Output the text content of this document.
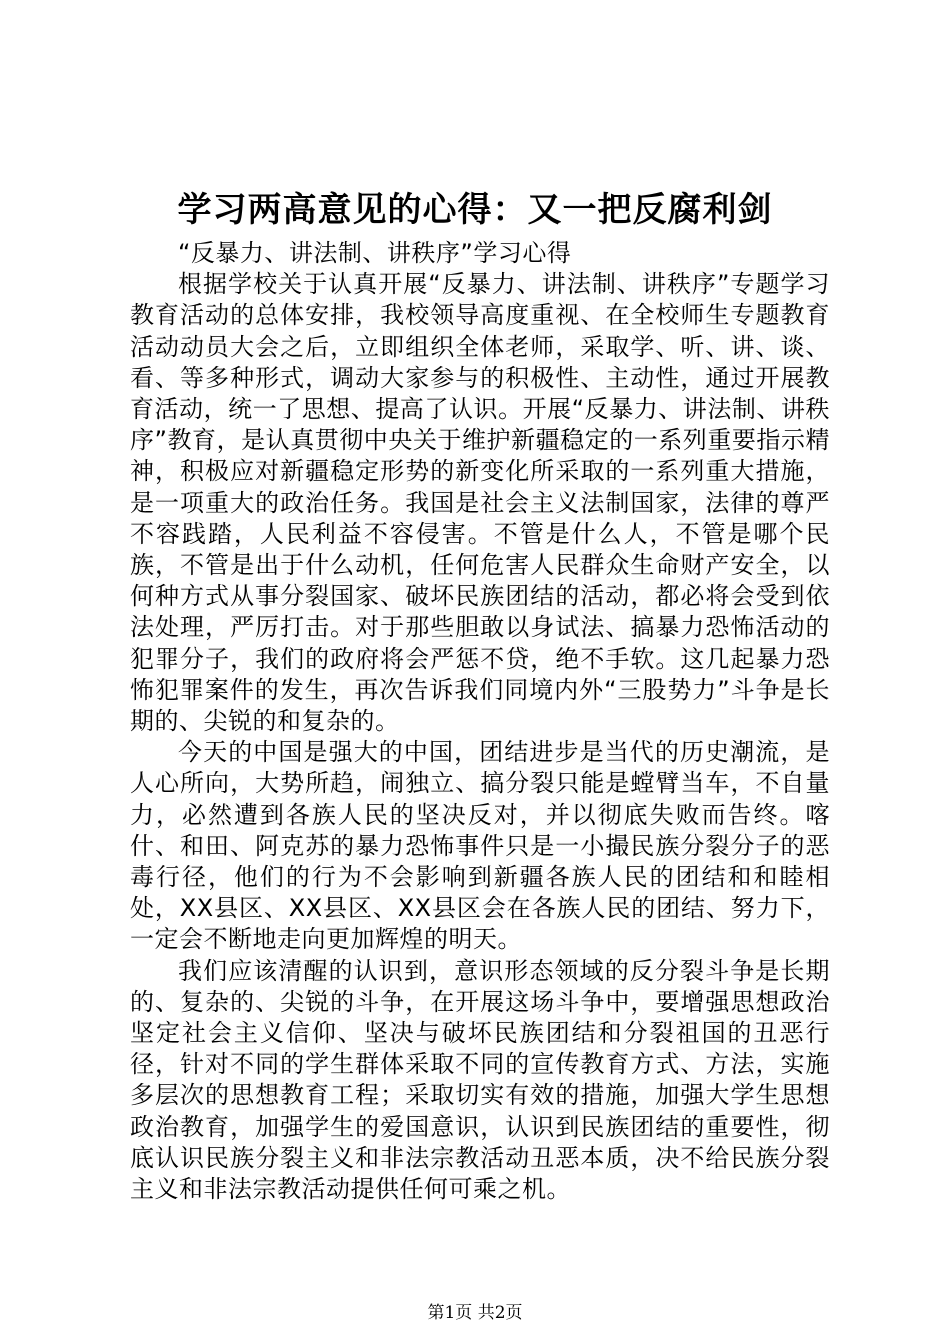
学习两高意见的心得：又一把反腐利剑

“反暴力、讲法制、讲秩序”学习心得

根据学校关于认真开展“反暴力、讲法制、讲秩序”专题学习教育活动的总体安排，我校领导高度重视、在全校师生专题教育活动动员大会之后，立即组织全体老师，采取学、听、讲、谈、看、等多种形式，调动大家参与的积极性、主动性，通过开展教育活动，统一了思想、提高了认识。开展“反暴力、讲法制、讲秩序”教育，是认真贯彻中央关于维护新疆稳定的一系列重要指示精神，积极应对新疆稳定形势的新变化所采取的一系列重大措施，是一项重大的政治任务。我国是社会主义法制国家，法律的尊严不容践踏，人民利益不容侵害。不管是什么人，不管是哪个民族，不管是出于什么动机，任何危害人民群众生命财产安全，以何种方式从事分裂国家、破坏民族团结的活动，都必将会受到依法处理，严厉打击。对于那些胆敢以身试法、搞暴力恐怖活动的犯罪分子，我们的政府将会严惩不贷，绝不手软。这几起暴力恐怖犯罪案件的发生，再次告诉我们同境内外“三股势力”斗争是长期的、尖锐的和复杂的。

今天的中国是强大的中国，团结进步是当代的历史潮流，是人心所向，大势所趋，闹独立、搞分裂只能是螳臂当车，不自量力，必然遭到各族人民的坚决反对，并以彻底失败而告终。喀什、和田、阿克苏的暴力恐怖事件只是一小撮民族分裂分子的恶毒行径，他们的行为不会影响到新疆各族人民的团结和和睦相处，XX县区、XX县区、XX县区会在各族人民的团结、努力下，一定会不断地走向更加辉煌的明天。

我们应该清醒的认识到，意识形态领域的反分裂斗争是长期的、复杂的、尖锐的斗争，在开展这场斗争中，要增强思想政治坚定社会主义信仰、坚决与破坏民族团结和分裂祖国的丑恶行径，针对不同的学生群体采取不同的宣传教育方式、方法，实施多层次的思想教育工程；采取切实有效的措施，加强大学生思想政治教育，加强学生的爱国意识，认识到民族团结的重要性，彻底认识民族分裂主义和非法宗教活动丑恶本质，决不给民族分裂主义和非法宗教活动提供任何可乘之机。

第1页 共2页
